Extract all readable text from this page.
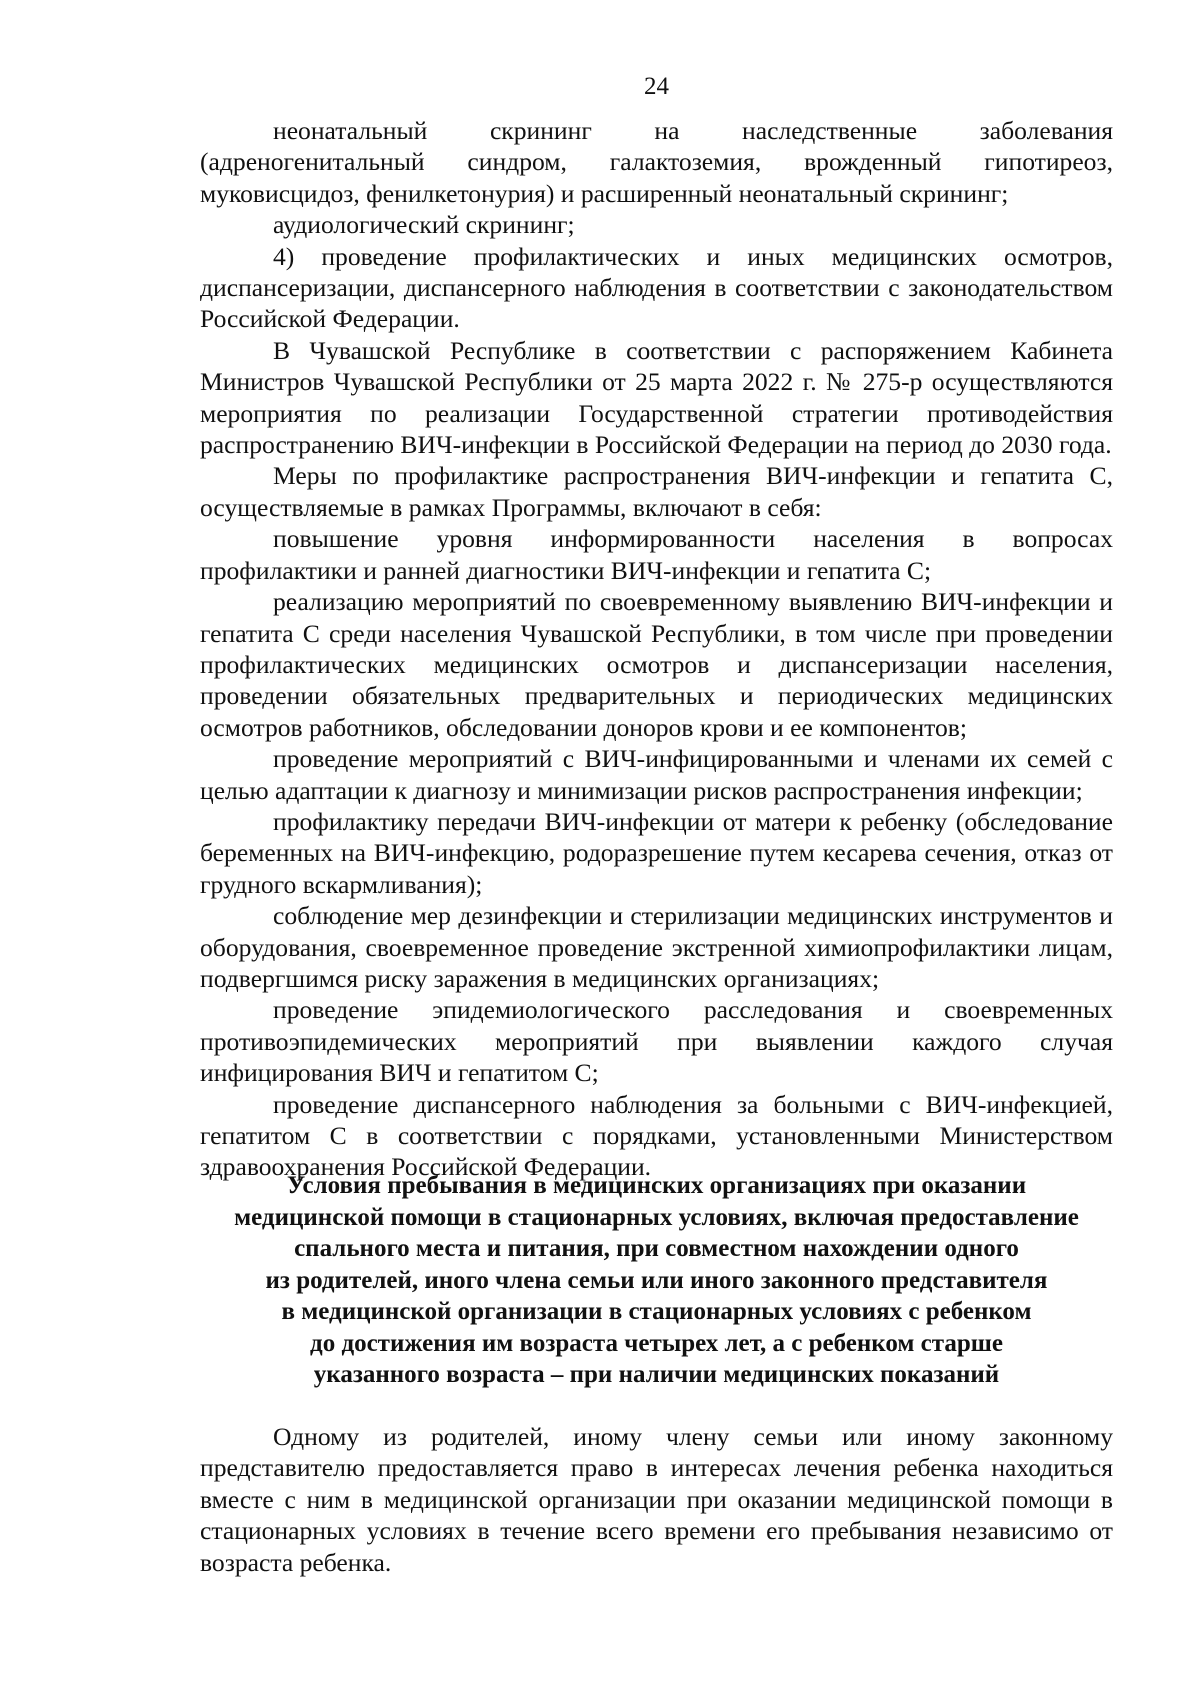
24

неонатальный скрининг на наследственные заболевания (адреногенитальный синдром, галактоземия, врожденный гипотиреоз, муковисцидоз, фенилкетонурия) и расширенный неонатальный скрининг;

аудиологический скрининг;

4) проведение профилактических и иных медицинских осмотров, диспансеризации, диспансерного наблюдения в соответствии с законодательством Российской Федерации.

В Чувашской Республике в соответствии с распоряжением Кабинета Министров Чувашской Республики от 25 марта 2022 г. № 275-р осуществляются мероприятия по реализации Государственной стратегии противодействия распространению ВИЧ-инфекции в Российской Федерации на период до 2030 года.

Меры по профилактике распространения ВИЧ-инфекции и гепатита С, осуществляемые в рамках Программы, включают в себя:

повышение уровня информированности населения в вопросах профилактики и ранней диагностики ВИЧ-инфекции и гепатита С;

реализацию мероприятий по своевременному выявлению ВИЧ-инфекции и гепатита С среди населения Чувашской Республики, в том числе при проведении профилактических медицинских осмотров и диспансеризации населения, проведении обязательных предварительных и периодических медицинских осмотров работников, обследовании доноров крови и ее компонентов;

проведение мероприятий с ВИЧ-инфицированными и членами их семей с целью адаптации к диагнозу и минимизации рисков распространения инфекции;

профилактику передачи ВИЧ-инфекции от матери к ребенку (обследование беременных на ВИЧ-инфекцию, родоразрешение путем кесарева сечения, отказ от грудного вскармливания);

соблюдение мер дезинфекции и стерилизации медицинских инструментов и оборудования, своевременное проведение экстренной химиопрофилактики лицам, подвергшимся риску заражения в медицинских организациях;

проведение эпидемиологического расследования и своевременных противоэпидемических мероприятий при выявлении каждого случая инфицирования ВИЧ и гепатитом С;

проведение диспансерного наблюдения за больными с ВИЧ-инфекцией, гепатитом С в соответствии с порядками, установленными Министерством здравоохранения Российской Федерации.

Условия пребывания в медицинских организациях при оказании
медицинской помощи в стационарных условиях, включая предоставление
спального места и питания, при совместном нахождении одного
из родителей, иного члена семьи или иного законного представителя
в медицинской организации в стационарных условиях с ребенком
до достижения им возраста четырех лет, а с ребенком старше
указанного возраста – при наличии медицинских показаний

Одному из родителей, иному члену семьи или иному законному представителю предоставляется право в интересах лечения ребенка находиться вместе с ним в медицинской организации при оказании медицинской помощи в стационарных условиях в течение всего времени его пребывания независимо от возраста ребенка.
